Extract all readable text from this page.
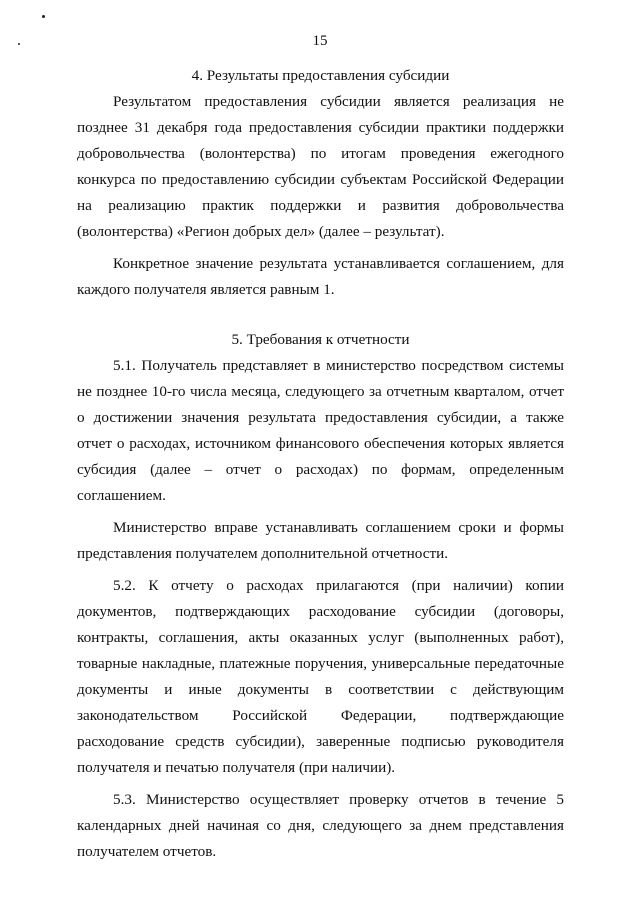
15
4. Результаты предоставления субсидии

Результатом предоставления субсидии является реализация не позднее 31 декабря года предоставления субсидии практики поддержки добровольчества (волонтерства) по итогам проведения ежегодного конкурса по предоставлению субсидии субъектам Российской Федерации на реализацию практик поддержки и развития добровольчества (волонтерства) «Регион добрых дел» (далее – результат).

Конкретное значение результата устанавливается соглашением, для каждого получателя является равным 1.

5. Требования к отчетности

5.1. Получатель представляет в министерство посредством системы не позднее 10-го числа месяца, следующего за отчетным кварталом, отчет о достижении значения результата предоставления субсидии, а также отчет о расходах, источником финансового обеспечения которых является субсидия (далее – отчет о расходах) по формам, определенным соглашением.

Министерство вправе устанавливать соглашением сроки и формы представления получателем дополнительной отчетности.

5.2. К отчету о расходах прилагаются (при наличии) копии документов, подтверждающих расходование субсидии (договоры, контракты, соглашения, акты оказанных услуг (выполненных работ), товарные накладные, платежные поручения, универсальные передаточные документы и иные документы в соответствии с действующим законодательством Российской Федерации, подтверждающие расходование средств субсидии), заверенные подписью руководителя получателя и печатью получателя (при наличии).

5.3. Министерство осуществляет проверку отчетов в течение 5 календарных дней начиная со дня, следующего за днем представления получателем отчетов.
